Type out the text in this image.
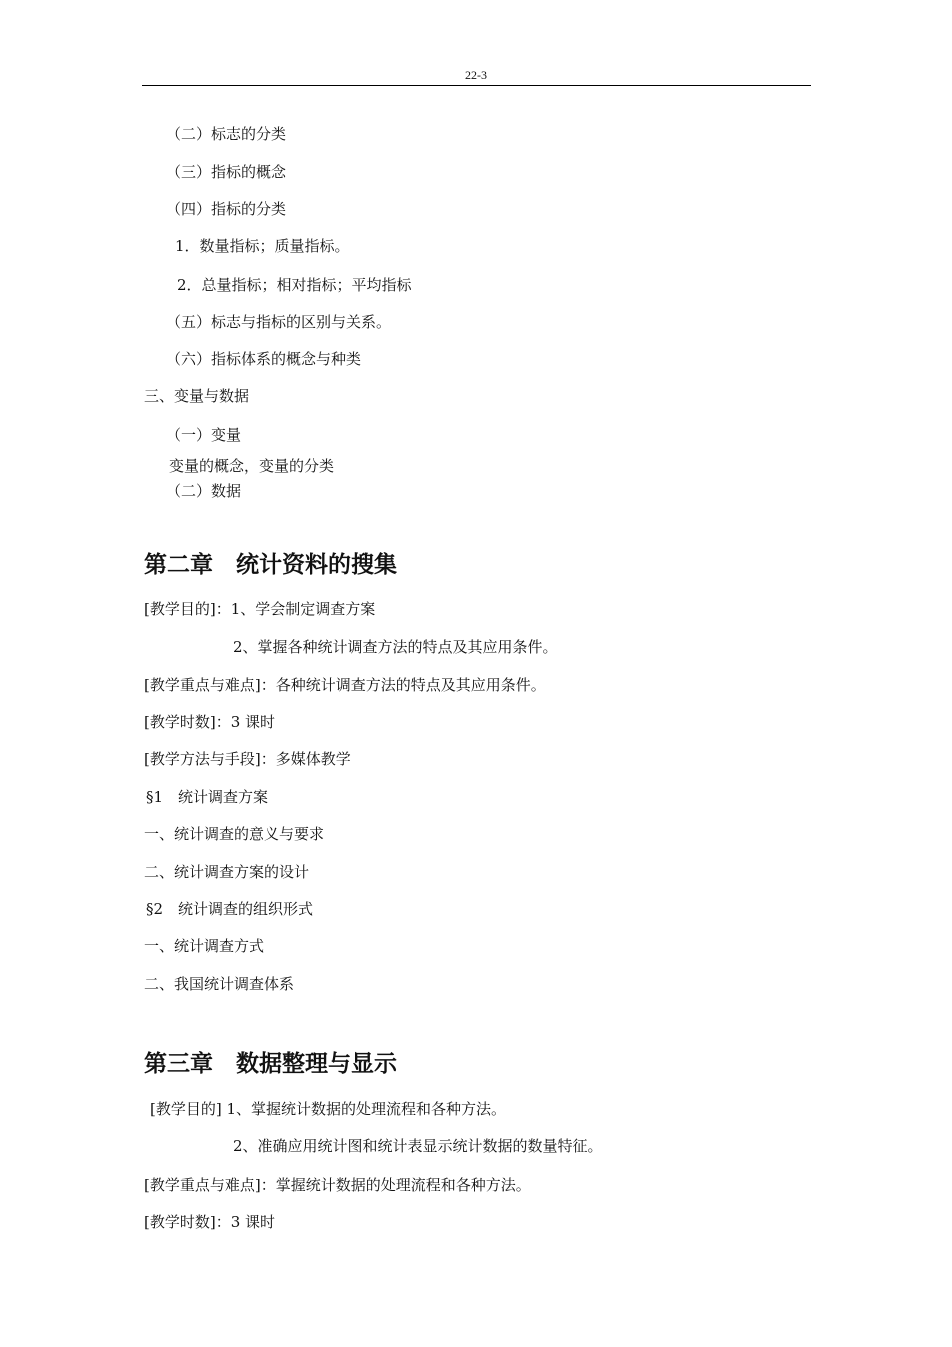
22-3
（二）标志的分类
（三）指标的概念
（四）指标的分类
1．数量指标；质量指标。
2．总量指标；相对指标；平均指标
（五）标志与指标的区别与关系。
（六）指标体系的概念与种类
三、变量与数据
（一）变量
变量的概念，变量的分类
（二）数据
第二章　统计资料的搜集
[教学目的]：1、学会制定调查方案
2、掌握各种统计调查方法的特点及其应用条件。
[教学重点与难点]：各种统计调查方法的特点及其应用条件。
[教学时数]：3 课时
[教学方法与手段]：多媒体教学
§1　统计调查方案
一、统计调查的意义与要求
二、统计调查方案的设计
§2　统计调查的组织形式
一、统计调查方式
二、我国统计调查体系
第三章　数据整理与显示
[教学目的] 1、掌握统计数据的处理流程和各种方法。
2、准确应用统计图和统计表显示统计数据的数量特征。
[教学重点与难点]：掌握统计数据的处理流程和各种方法。
[教学时数]：3 课时
